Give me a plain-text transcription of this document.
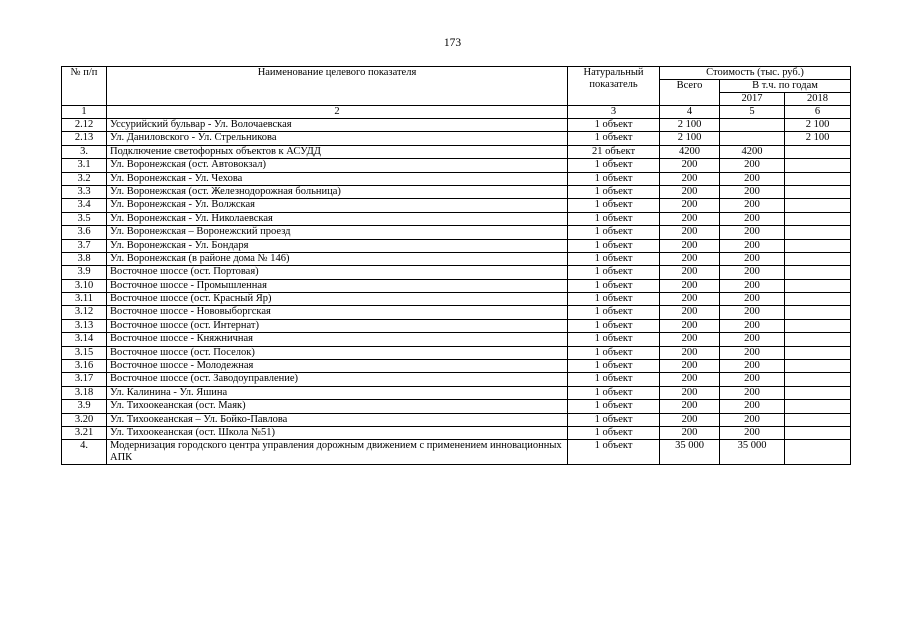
173
№ п/п	Наименование целевого показателя	Натуральный показатель	Стоимость (тыс. руб.)		
			Всего	В т.ч. по годам	
				2017	2018
1	2	3	4	5	6
2.12	Уссурийский бульвар - Ул. Волочаевская	1 объект	2 100		2 100
2.13	Ул. Даниловского - Ул. Стрельникова	1 объект	2 100		2 100
3.	Подключение светофорных объектов к АСУДД	21 объект	4200	4200	
3.1	Ул. Воронежская (ост. Автовокзал)	1 объект	200	200	
3.2	Ул. Воронежская - Ул. Чехова	1 объект	200	200	
3.3	Ул. Воронежская (ост. Железнодорожная больница)	1 объект	200	200	
3.4	Ул. Воронежская - Ул. Волжская	1 объект	200	200	
3.5	Ул. Воронежская - Ул. Николаевская	1 объект	200	200	
3.6	Ул. Воронежская – Воронежский проезд	1 объект	200	200	
3.7	Ул. Воронежская - Ул. Бондаря	1 объект	200	200	
3.8	Ул. Воронежская (в районе дома № 146)	1 объект	200	200	
3.9	Восточное шоссе (ост. Портовая)	1 объект	200	200	
3.10	Восточное шоссе - Промышленная	1 объект	200	200	
3.11	Восточное шоссе (ост. Красный Яр)	1 объект	200	200	
3.12	Восточное шоссе - Нововыборгская	1 объект	200	200	
3.13	Восточное шоссе (ост. Интернат)	1 объект	200	200	
3.14	Восточное шоссе - Княжничная	1 объект	200	200	
3.15	Восточное шоссе (ост. Поселок)	1 объект	200	200	
3.16	Восточное шоссе - Молодежная	1 объект	200	200	
3.17	Восточное шоссе (ост. Заводоуправление)	1 объект	200	200	
3.18	Ул. Калинина - Ул. Яшина	1 объект	200	200	
3.9	Ул. Тихоокеанская (ост. Маяк)	1 объект	200	200	
3.20	Ул. Тихоокеанская – Ул. Бойко-Павлова	1 объект	200	200	
3.21	Ул. Тихоокеанская (ост. Школа №51)	1 объект	200	200	
4.	Модернизация городского центра управления дорожным движением с применением инновационных АПК	1 объект	35 000	35 000	
